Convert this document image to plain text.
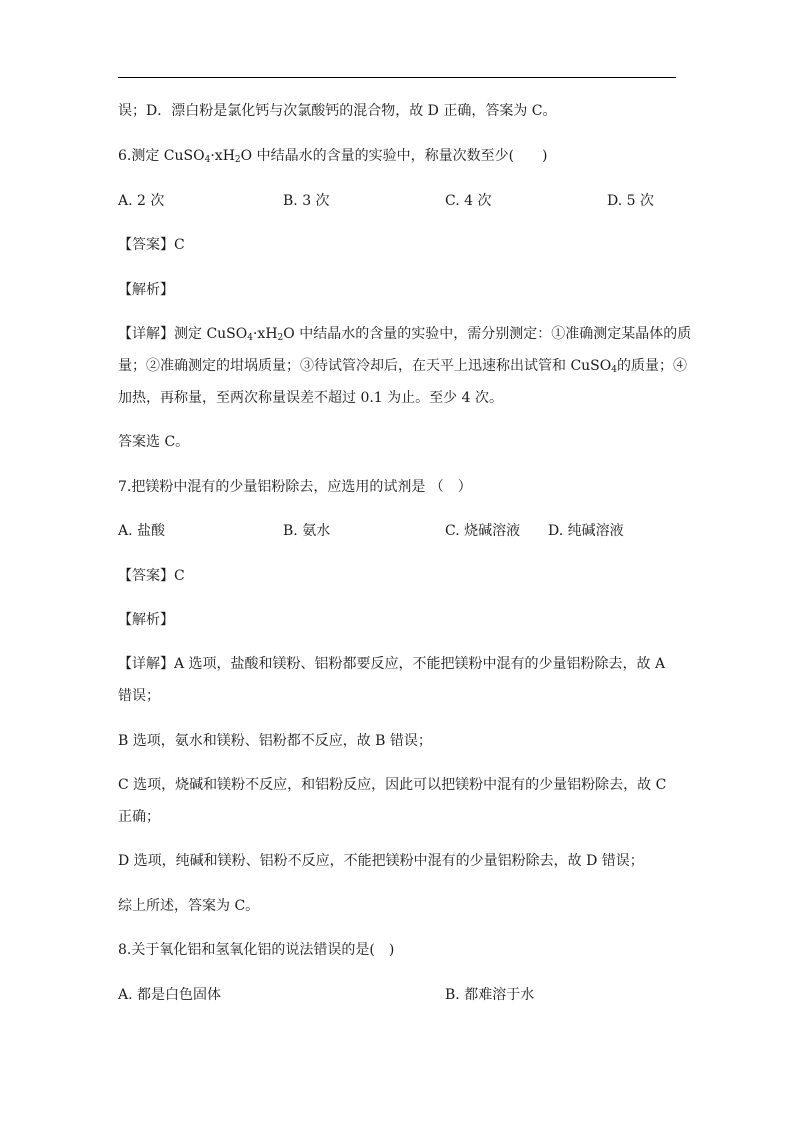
误；D．漂白粉是氯化钙与次氯酸钙的混合物，故 D 正确，答案为 C。
6.测定 $CuSO_4\cdot xH_2O$ 中结晶水的含量的实验中，称量次数至少(　　)
A. 2 次	B. 3 次	C. 4 次	D. 5 次
【答案】C
【解析】
【详解】测定 $CuSO_4\cdot xH_2O$ 中结晶水的含量的实验中，需分别测定：①准确测定某晶体的质
量；②准确测定的坩埚质量；③待试管冷却后，在天平上迅速称出试管和 CuSO$_4$的质量；④
加热，再称量，至两次称量误差不超过 0.1 为止。至少 4 次。
答案选 C。
7.把镁粉中混有的少量铝粉除去，应选用的试剂是 （　）
A. 盐酸	B. 氨水	C. 烧碱溶液 D. 纯碱溶液
【答案】C
【解析】
【详解】A 选项，盐酸和镁粉、铝粉都要反应，不能把镁粉中混有的少量铝粉除去，故 A
错误；
B 选项，氨水和镁粉、铝粉都不反应，故 B 错误；
C 选项，烧碱和镁粉不反应，和铝粉反应，因此可以把镁粉中混有的少量铝粉除去，故 C
正确；
D 选项，纯碱和镁粉、铝粉不反应，不能把镁粉中混有的少量铝粉除去，故 D 错误；
综上所述，答案为 C。
8.关于氧化铝和氢氧化铝的说法错误的是(　)
A. 都是白色固体	B. 都难溶于水
